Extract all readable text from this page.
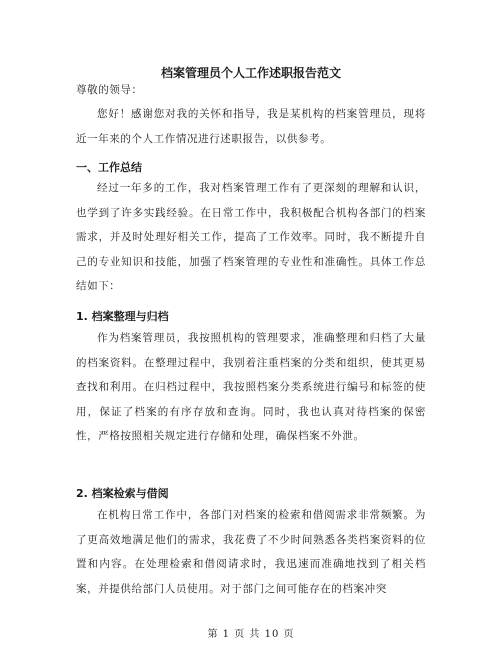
档案管理员个人工作述职报告范文

尊敬的领导：

您好！感谢您对我的关怀和指导，我是某机构的档案管理员，现将近一年来的个人工作情况进行述职报告，以供参考。

一、工作总结

经过一年多的工作，我对档案管理工作有了更深刻的理解和认识，也学到了许多实践经验。在日常工作中，我积极配合机构各部门的档案需求，并及时处理好相关工作，提高了工作效率。同时，我不断提升自己的专业知识和技能，加强了档案管理的专业性和准确性。具体工作总结如下：

1. 档案整理与归档

作为档案管理员，我按照机构的管理要求，准确整理和归档了大量的档案资料。在整理过程中，我别着注重档案的分类和组织，使其更易查找和利用。在归档过程中，我按照档案分类系统进行编号和标签的使用，保证了档案的有序存放和查询。同时，我也认真对待档案的保密性，严格按照相关规定进行存储和处理，确保档案不外泄。

2. 档案检索与借阅

在机构日常工作中，各部门对档案的检索和借阅需求非常频繁。为了更高效地满足他们的需求，我花费了不少时间熟悉各类档案资料的位置和内容。在处理检索和借阅请求时，我迅速而准确地找到了相关档案，并提供给部门人员使用。对于部门之间可能存在的档案冲突

第 1 页 共 10 页
